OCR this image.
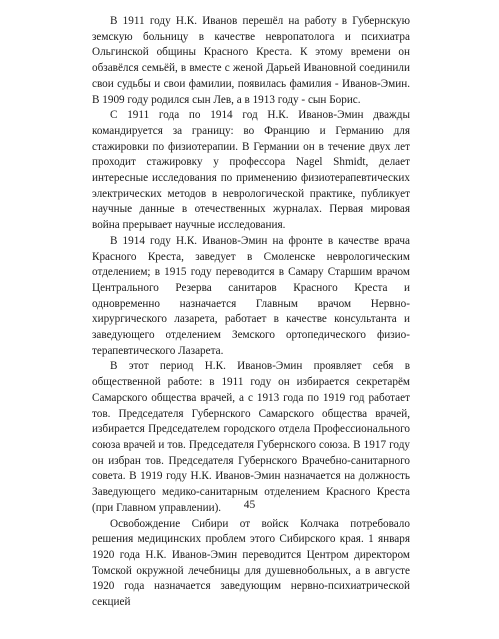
В 1911 году Н.К. Иванов перешёл на работу в Губернскую земскую больницу в качестве невропатолога и психиатра Ольгинской общины Красного Креста. К этому времени он обзавёлся семьёй, в вместе с женой Дарьей Ивановной соединили свои судьбы и свои фамилии, появилась фамилия - Иванов-Эмин. В 1909 году родился сын Лев, а в 1913 году - сын Борис.

С 1911 года по 1914 год Н.К. Иванов-Эмин дважды командируется за границу: во Францию и Германию для стажировки по физиотерапии. В Германии он в течение двух лет проходит стажировку у профессора Nagel Shmidt, делает интересные исследования по применению физиотерапевтических электрических методов в неврологической практике, публикует научные данные в отечественных журналах. Первая мировая война прерывает научные исследования.

В 1914 году Н.К. Иванов-Эмин на фронте в качестве врача Красного Креста, заведует в Смоленске неврологическим отделением; в 1915 году переводится в Самару Старшим врачом Центрального Резерва санитаров Красного Креста и одновременно назначается Главным врачом Нервно-хирургического лазарета, работает в качестве консультанта и заведующего отделением Земского ортопедического физио-терапевтического Лазарета.

В этот период Н.К. Иванов-Эмин проявляет себя в общественной работе: в 1911 году он избирается секретарём Самарского общества врачей, а с 1913 года по 1919 год работает тов. Председателя Губернского Самарского общества врачей, избирается Председателем городского отдела Профессионального союза врачей и тов. Председателя Губернского союза. В 1917 году он избран тов. Председателя Губернского Врачебно-санитарного совета. В 1919 году Н.К. Иванов-Эмин назначается на должность Заведующего медико-санитарным отделением Красного Креста (при Главном управлении).

Освобождение Сибири от войск Колчака потребовало решения медицинских проблем этого Сибирского края. 1 января 1920 года Н.К. Иванов-Эмин переводится Центром директором Томской окружной лечебницы для душевнобольных, а в августе 1920 года назначается заведующим нервно-психиатрической секцией

45
